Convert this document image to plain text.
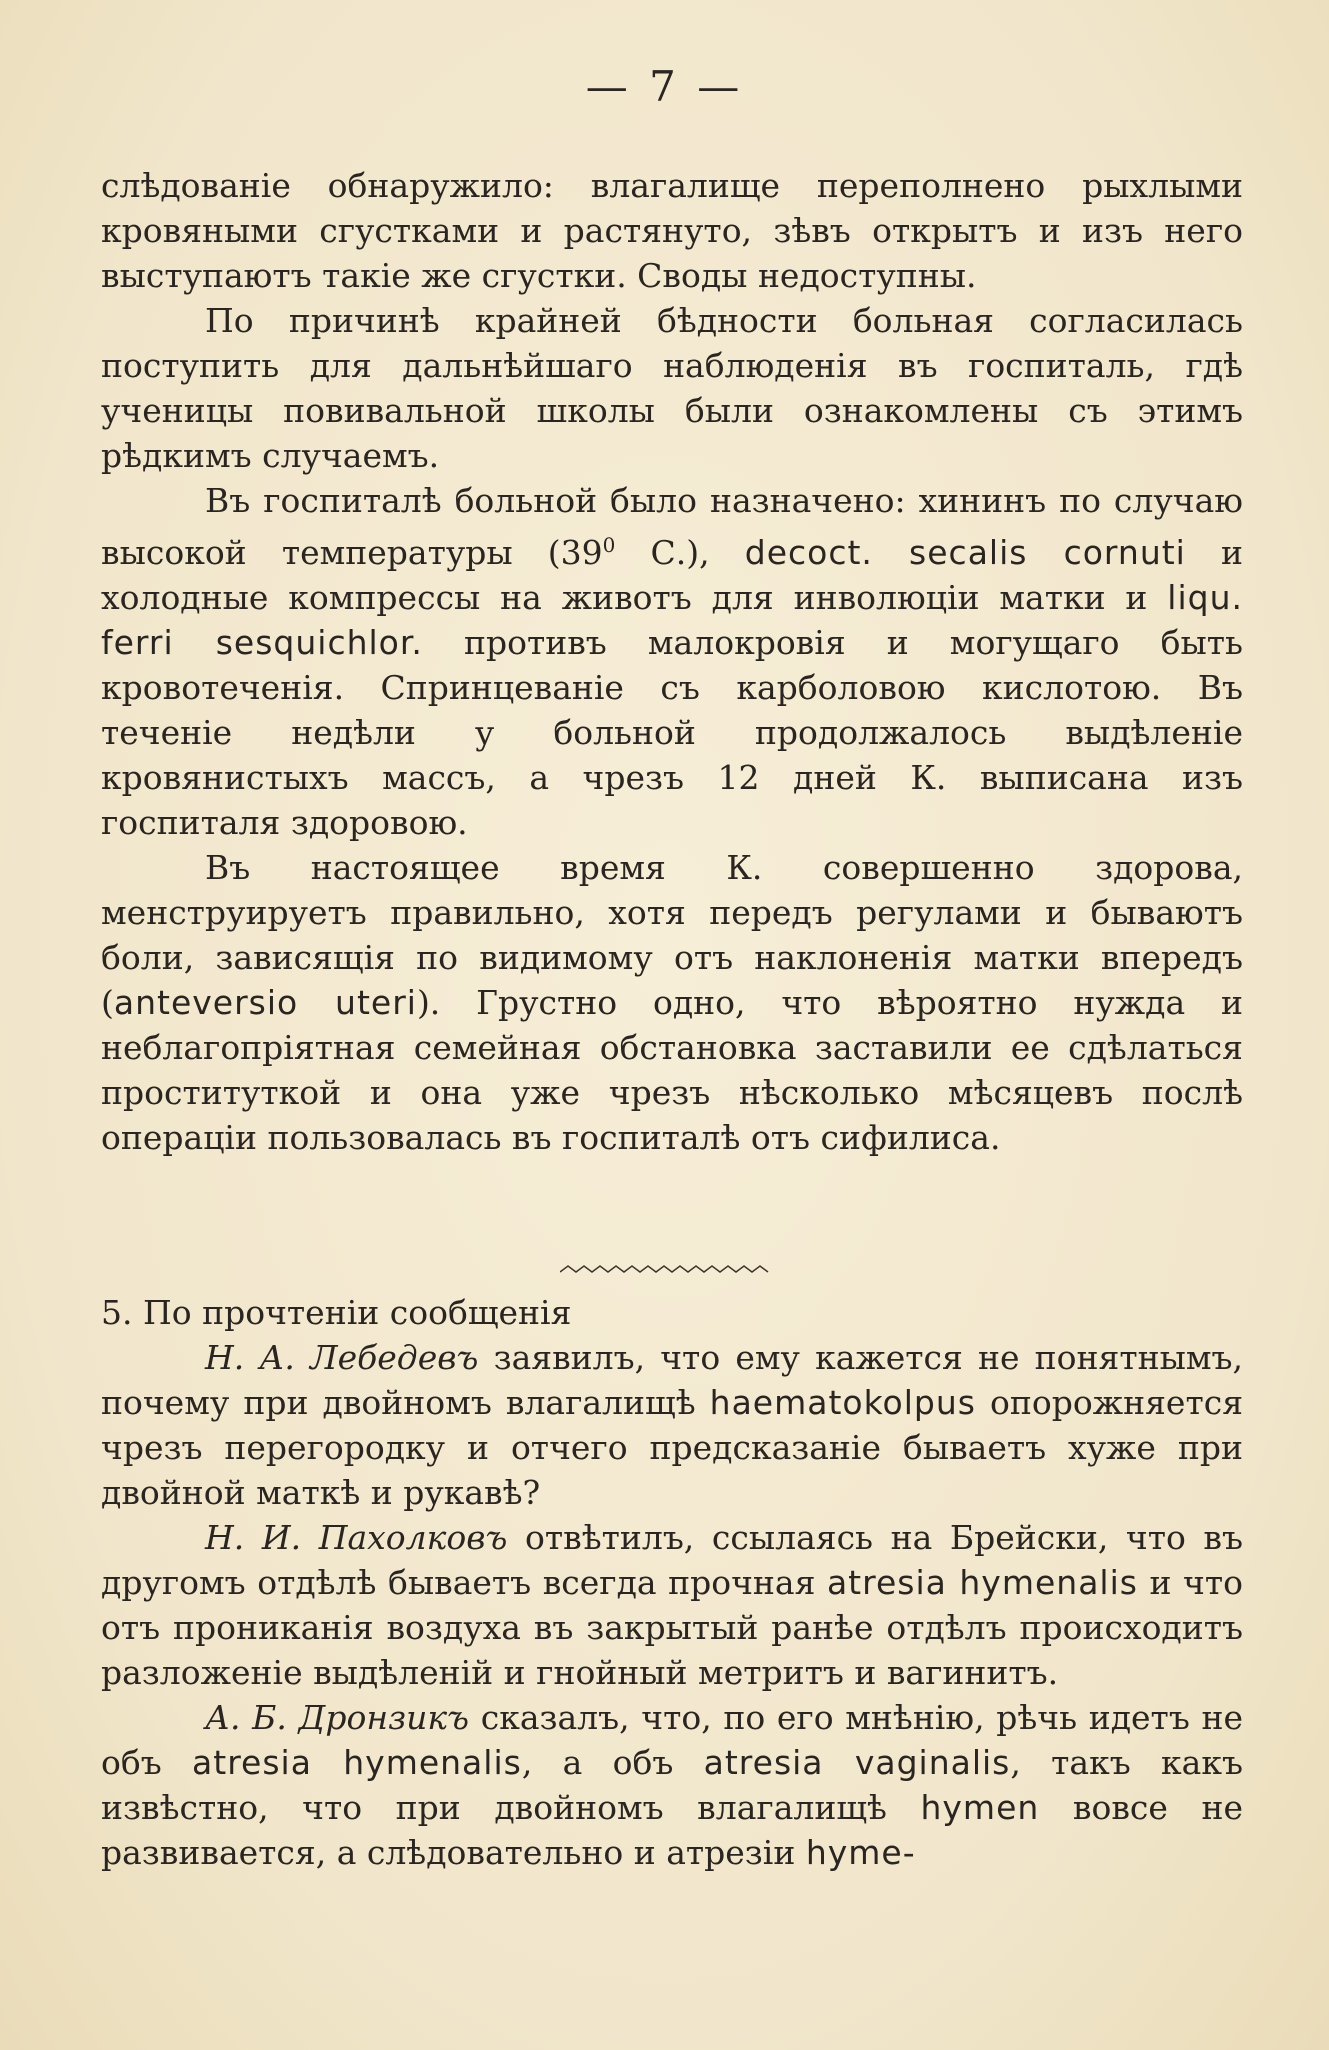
— 7 —

слѣдованіе обнаружило: влагалище переполнено рыхлыми кровяными сгустками и растянуто, зѣвъ открытъ и изъ него выступаютъ такіе же сгустки. Своды недоступны.

По причинѣ крайней бѣдности больная согласилась поступить для дальнѣйшаго наблюденія въ госпиталь, гдѣ ученицы повивальной школы были ознакомлены съ этимъ рѣдкимъ случаемъ.

Въ госпиталѣ больной было назначено: хининъ по случаю высокой температуры ($39^0$ С.), decoct. secalis cornuti и холодные компрессы на животъ для инволюціи матки и liqu. ferri sesquichlor. противъ малокровія и могущаго быть кровотеченія. Спринцеваніе съ карболовою кислотою. Въ теченіе недѣли у больной продолжалось выдѣленіе кровянистыхъ массъ, а чрезъ 12 дней К. выписана изъ госпиталя здоровою.

Въ настоящее время К. совершенно здорова, менструируетъ правильно, хотя передъ регулами и бываютъ боли, зависящія по видимому отъ наклоненія матки впередъ (anteversio uteri). Грустно одно, что вѣроятно нужда и неблагопріятная семейная обстановка заставили ее сдѣлаться проституткой и она уже чрезъ нѣсколько мѣсяцевъ послѣ операціи пользовалась въ госпиталѣ отъ сифилиса.

5. По прочтеніи сообщенія

Н. А. Лебедевъ заявилъ, что ему кажется не понятнымъ, почему при двойномъ влагалищѣ haematokolpus опорожняется чрезъ перегородку и отчего предсказаніе бываетъ хуже при двойной маткѣ и рукавѣ?

Н. И. Пахолковъ отвѣтилъ, ссылаясь на Брейски, что въ другомъ отдѣлѣ бываетъ всегда прочная atresia hymenalis и что отъ прониканія воздуха въ закрытый ранѣе отдѣлъ происходитъ разложеніе выдѣленій и гнойный метритъ и вагинитъ.

А. Б. Дронзикъ сказалъ, что, по его мнѣнію, рѣчь идетъ не объ atresia hymenalis, а объ atresia vaginalis, такъ какъ извѣстно, что при двойномъ влагалищѣ hymen вовсе не развивается, а слѣдовательно и атрезіи hyme-
